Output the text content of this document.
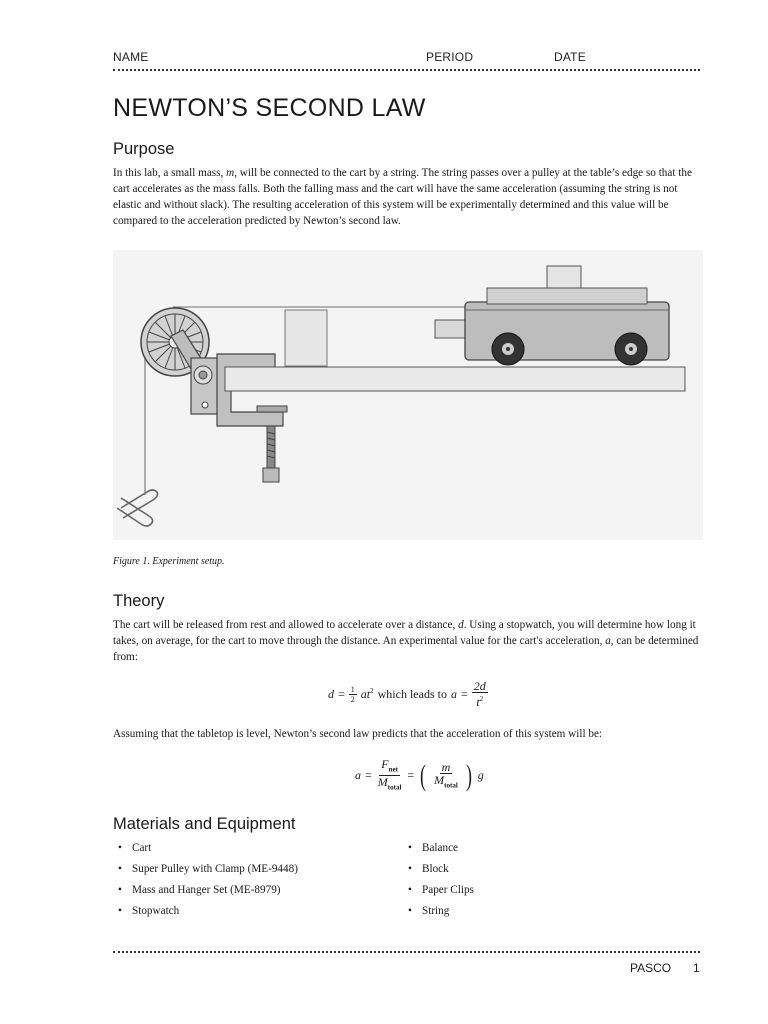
NAME	PERIOD	DATE
NEWTON’S SECOND LAW
Purpose

In this lab, a small mass, m, will be connected to the cart by a string. The string passes over a pulley at the table’s edge so that the cart accelerates as the mass falls. Both the falling mass and the cart will have the same acceleration (assuming the string is not elastic and without slack). The resulting acceleration of this system will be experimentally determined and this value will be compared to the acceleration predicted by Newton’s second law.

Figure 1. Experiment setup.
Theory

The cart will be released from rest and allowed to accelerate over a distance, d. Using a stopwatch, you will determine how long it takes, on average, for the cart to move through the distance. An experimental value for the cart's acceleration, a, can be determined from:

$d = \frac{1}{2} at^2$ which leads to $a = \frac{2d}{t^2}$

Assuming that the tabletop is level, Newton’s second law predicts that the acceleration of this system will be:

$a = \frac{F_{net}}{M_{total}}$ = ( $\frac{m}{M_{total}}$ ) g
Materials and Equipment
• Cart
• Super Pulley with Clamp (ME-9448)
• Mass and Hanger Set (ME-8979)
• Stopwatch
• Balance
• Block
• Paper Clips
• String
PASCO 1
